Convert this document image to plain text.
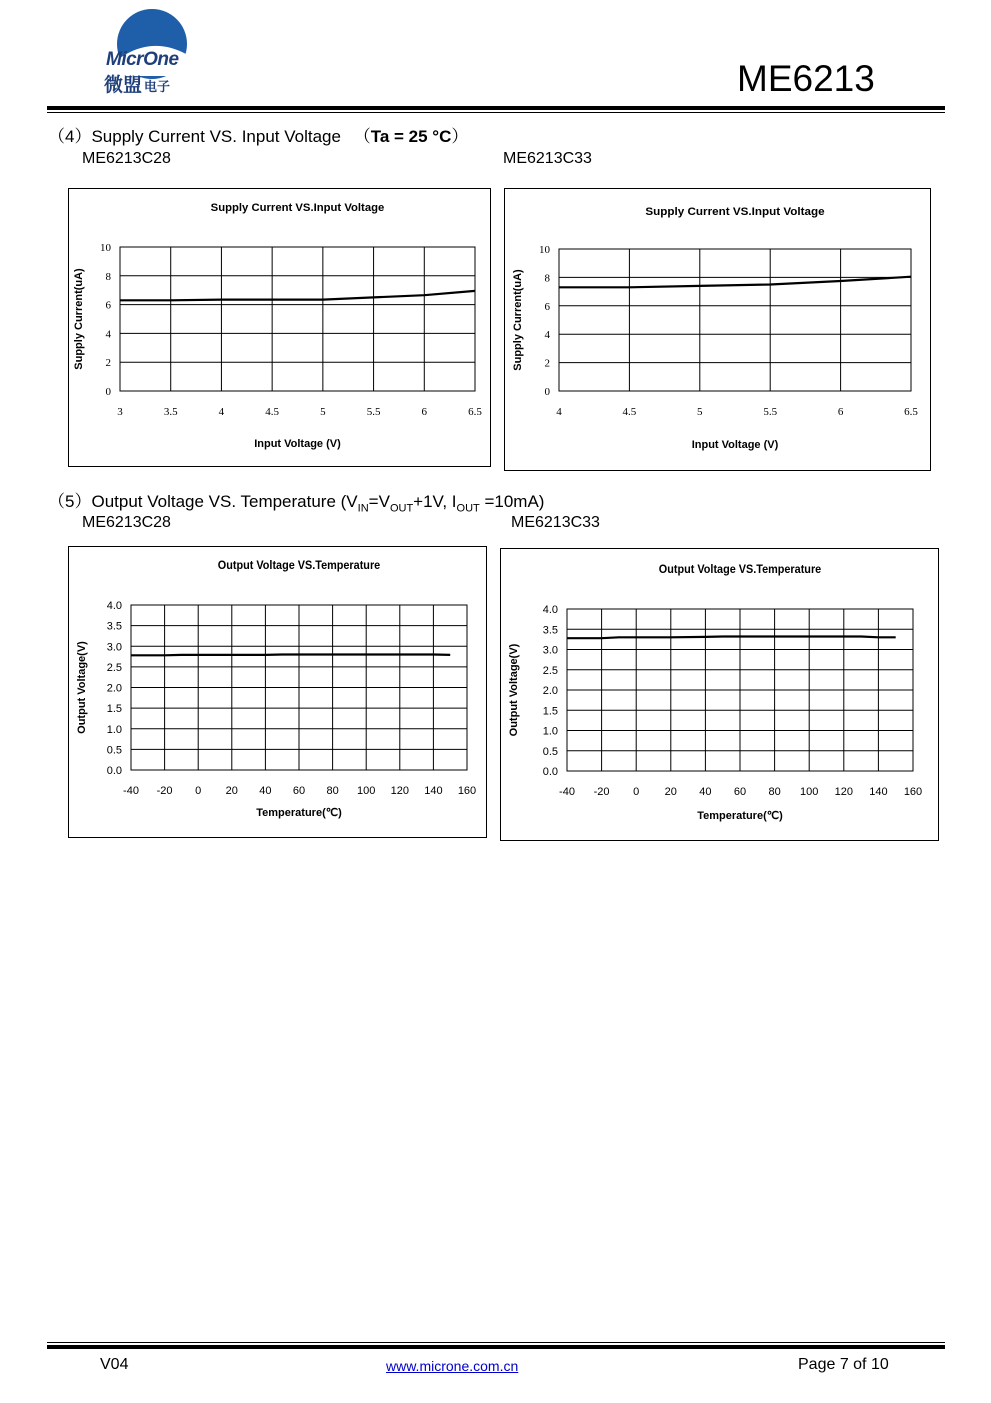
MicrOne
微盟 电子	ME6213
（4）Supply Current VS. Input Voltage （Ta = 25 °C）
ME6213C28	ME6213C33
Supply Current VS.Input Voltage
3	3.5	4	4.5	5	5.5	6	6.5
0
2
4
6
8
10
Input Voltage (V)
Supply Current(uA)
Supply Current VS.Input Voltage
4	4.5	5	5.5	6	6.5
0
2
4
6
8
10
Input Voltage (V)
Supply Current(uA)
（5）Output Voltage VS. Temperature ($V_{IN}=V_{OUT}+1V$, $I_{OUT} =10mA$)
ME6213C28	ME6213C33
Output Voltage VS.Temperature
-40 -20 0 20 40 60 80 100 120 140 160
0.0
0.5
1.0
1.5
2.0
2.5
3.0
3.5
4.0
Temperature(℃)
Output Voltage(V)
Output Voltage VS.Temperature
-40 -20 0 20 40 60 80 100 120 140 160
0.0
0.5
1.0
1.5
2.0
2.5
3.0
3.5
4.0
Temperature(℃)
Output Voltage(V)
V04	www.microne.com.cn	Page 7 of 10
